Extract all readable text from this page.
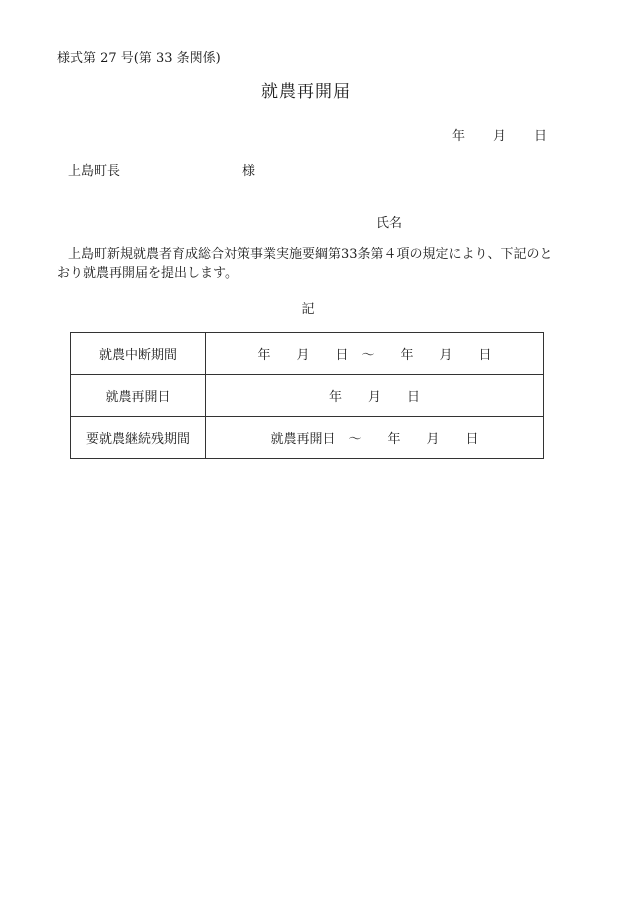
様式第 27 号(第 33 条関係)
就農再開届
年 月 日
上島町長	様
氏名
上島町新規就農者育成総合対策事業実施要綱第33条第４項の規定により、下記のとおり就農再開届を提出します。
記
就農中断期間	年　　月　　日　～　　年　　月　　日
就農再開日	年　　月　　日
要就農継続残期間	就農再開日　～　　年　　月　　日
